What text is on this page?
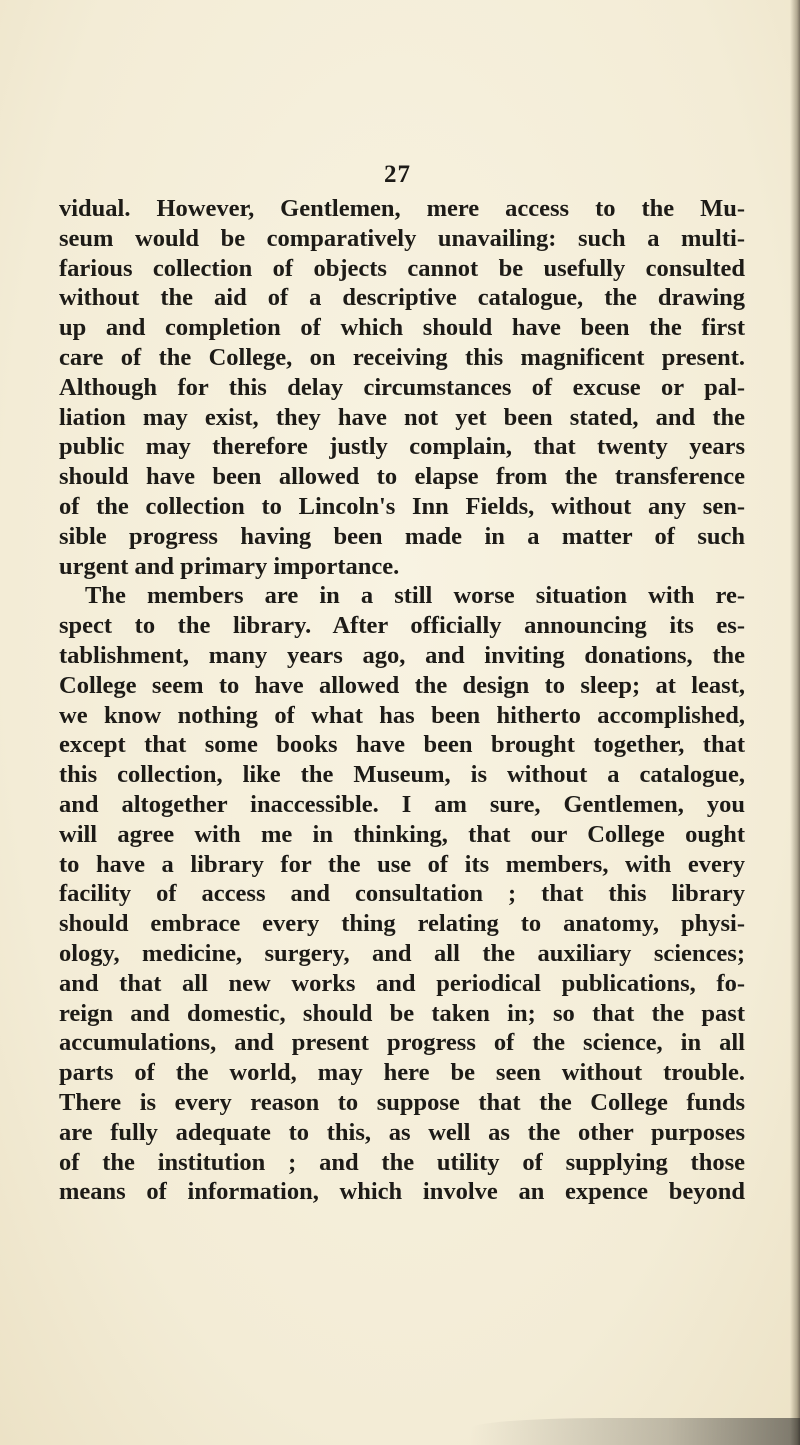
27
vidual. However, Gentlemen, mere access to the Mu-
seum would be comparatively unavailing: such a multi-
farious collection of objects cannot be usefully consulted
without the aid of a descriptive catalogue, the drawing
up and completion of which should have been the first
care of the College, on receiving this magnificent present.
Although for this delay circumstances of excuse or pal-
liation may exist, they have not yet been stated, and the
public may therefore justly complain, that twenty years
should have been allowed to elapse from the transference
of the collection to Lincoln's Inn Fields, without any sen-
sible progress having been made in a matter of such
urgent and primary importance.
The members are in a still worse situation with re-
spect to the library. After officially announcing its es-
tablishment, many years ago, and inviting donations, the
College seem to have allowed the design to sleep; at least,
we know nothing of what has been hitherto accomplished,
except that some books have been brought together, that
this collection, like the Museum, is without a catalogue,
and altogether inaccessible. I am sure, Gentlemen, you
will agree with me in thinking, that our College ought
to have a library for the use of its members, with every
facility of access and consultation ; that this library
should embrace every thing relating to anatomy, physi-
ology, medicine, surgery, and all the auxiliary sciences;
and that all new works and periodical publications, fo-
reign and domestic, should be taken in; so that the past
accumulations, and present progress of the science, in all
parts of the world, may here be seen without trouble.
There is every reason to suppose that the College funds
are fully adequate to this, as well as the other purposes
of the institution ; and the utility of supplying those
means of information, which involve an expence beyond
